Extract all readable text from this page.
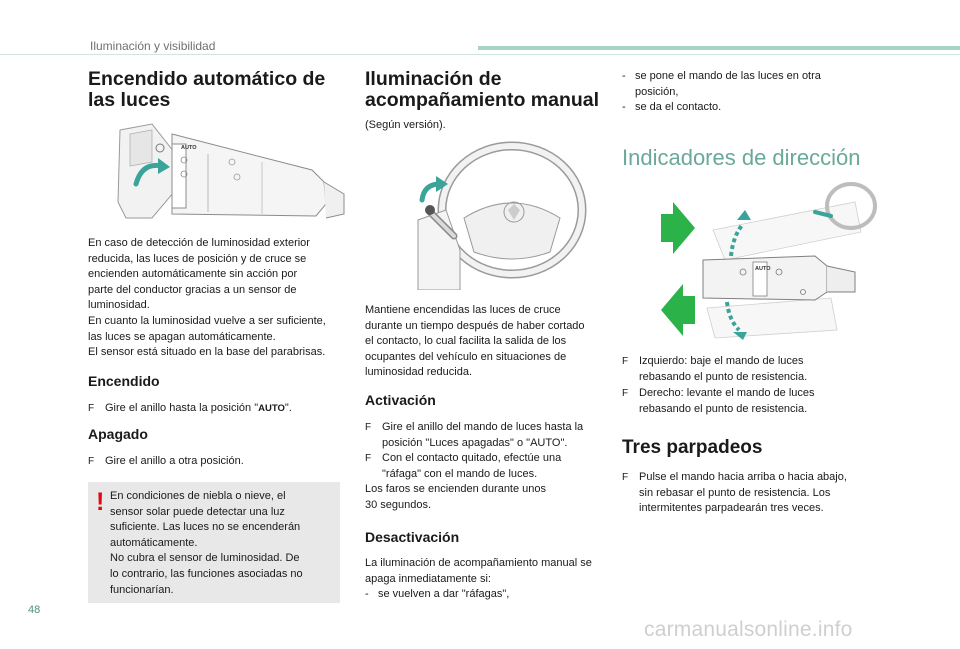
Iluminación y visibilidad
Encendido automático de
las luces
AUTO
En caso de detección de luminosidad exterior
reducida, las luces de posición y de cruce se
encienden automáticamente sin acción por
parte del conductor gracias a un sensor de
luminosidad.
En cuanto la luminosidad vuelve a ser suficiente,
las luces se apagan automáticamente.
El sensor está situado en la base del parabrisas.
Encendido
F Gire el anillo hasta la posición "AUTO".
Apagado
F Gire el anillo a otra posición.
! En condiciones de niebla o nieve, el
sensor solar puede detectar una luz
suficiente. Las luces no se encenderán
automáticamente.
No cubra el sensor de luminosidad. De
lo contrario, las funciones asociadas no
funcionarían.
Iluminación de
acompañamiento manual
(Según versión).
Mantiene encendidas las luces de cruce
durante un tiempo después de haber cortado
el contacto, lo cual facilita la salida de los
ocupantes del vehículo en situaciones de
luminosidad reducida.
Activación
F Gire el anillo del mando de luces hasta la
posición "Luces apagadas" o "AUTO".
F Con el contacto quitado, efectúe una
"ráfaga" con el mando de luces.
Los faros se encienden durante unos
30 segundos.
Desactivación
La iluminación de acompañamiento manual se
apaga inmediatamente si:
- se vuelven a dar "ráfagas",
- se pone el mando de las luces en otra
posición,
- se da el contacto.
Indicadores de dirección
AUTO
F Izquierdo: baje el mando de luces
rebasando el punto de resistencia.
F Derecho: levante el mando de luces
rebasando el punto de resistencia.
Tres parpadeos
F Pulse el mando hacia arriba o hacia abajo,
sin rebasar el punto de resistencia. Los
intermitentes parpadearán tres veces.
48
carmanualsonline.info
